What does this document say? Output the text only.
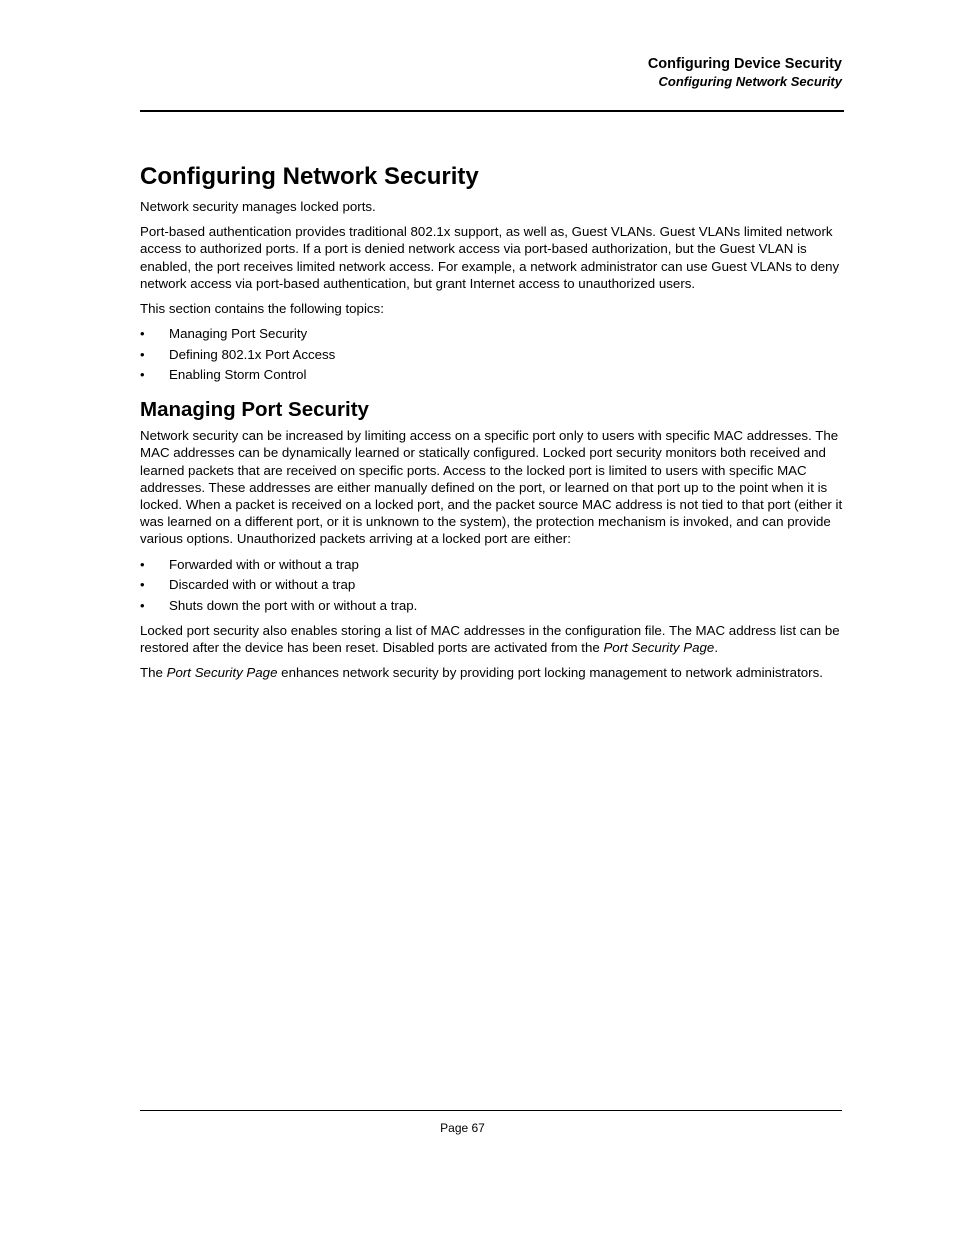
Configuring Device Security
Configuring Network Security
Configuring Network Security

Network security manages locked ports.

Port-based authentication provides traditional 802.1x support, as well as, Guest VLANs. Guest VLANs limited network access to authorized ports. If a port is denied network access via port-based authorization, but the Guest VLAN is enabled, the port receives limited network access. For example, a network administrator can use Guest VLANs to deny network access via port-based authentication, but grant Internet access to unauthorized users.

This section contains the following topics:

• Managing Port Security
• Defining 802.1x Port Access
• Enabling Storm Control
Managing Port Security

Network security can be increased by limiting access on a specific port only to users with specific MAC addresses. The MAC addresses can be dynamically learned or statically configured. Locked port security monitors both received and learned packets that are received on specific ports. Access to the locked port is limited to users with specific MAC addresses. These addresses are either manually defined on the port, or learned on that port up to the point when it is locked. When a packet is received on a locked port, and the packet source MAC address is not tied to that port (either it was learned on a different port, or it is unknown to the system), the protection mechanism is invoked, and can provide various options. Unauthorized packets arriving at a locked port are either:

• Forwarded with or without a trap
• Discarded with or without a trap
• Shuts down the port with or without a trap.

Locked port security also enables storing a list of MAC addresses in the configuration file. The MAC address list can be restored after the device has been reset. Disabled ports are activated from the Port Security Page.

The Port Security Page enhances network security by providing port locking management to network administrators.

Page 67
